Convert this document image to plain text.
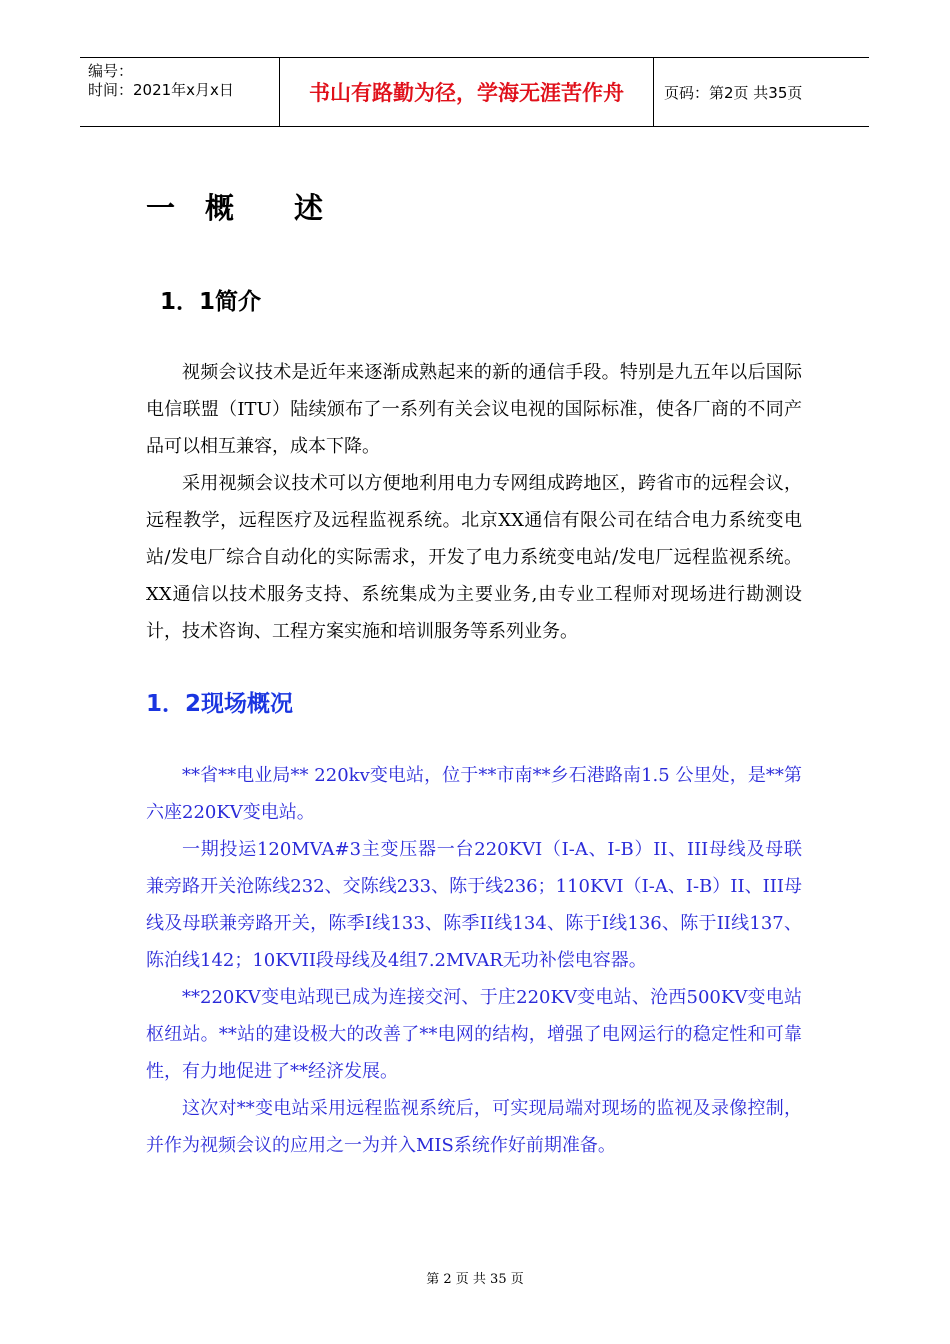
编号：
时间：2021年x月x日	书山有路勤为径，学海无涯苦作舟	页码：第2页 共35页
一 概 述
1．1简介

视频会议技术是近年来逐渐成熟起来的新的通信手段。特别是九五年以后国际电信联盟（ITU）陆续颁布了一系列有关会议电视的国际标准，使各厂商的不同产品可以相互兼容，成本下降。

采用视频会议技术可以方便地利用电力专网组成跨地区，跨省市的远程会议，远程教学，远程医疗及远程监视系统。北京XX通信有限公司在结合电力系统变电站/发电厂综合自动化的实际需求，开发了电力系统变电站/发电厂远程监视系统。XX通信以技术服务支持、系统集成为主要业务,由专业工程师对现场进行勘测设计，技术咨询、工程方案实施和培训服务等系列业务。

1．2现场概况

**省**电业局** 220kv变电站，位于**市南**乡石港路南1.5 公里处，是**第六座220KV变电站。

一期投运120MVA#3主变压器一台220KVI（I-A、I-B）II、III母线及母联兼旁路开关沧陈线232、交陈线233、陈于线236；110KVI（I-A、I-B）II、III母线及母联兼旁路开关，陈季I线133、陈季II线134、陈于I线136、陈于II线137、陈泊线142；10KVII段母线及4组7.2MVAR无功补偿电容器。

**220KV变电站现已成为连接交河、于庄220KV变电站、沧西500KV变电站枢纽站。**站的建设极大的改善了**电网的结构，增强了电网运行的稳定性和可靠性，有力地促进了**经济发展。

这次对**变电站采用远程监视系统后，可实现局端对现场的监视及录像控制，并作为视频会议的应用之一为并入MIS系统作好前期准备。

第 2 页 共 35 页
